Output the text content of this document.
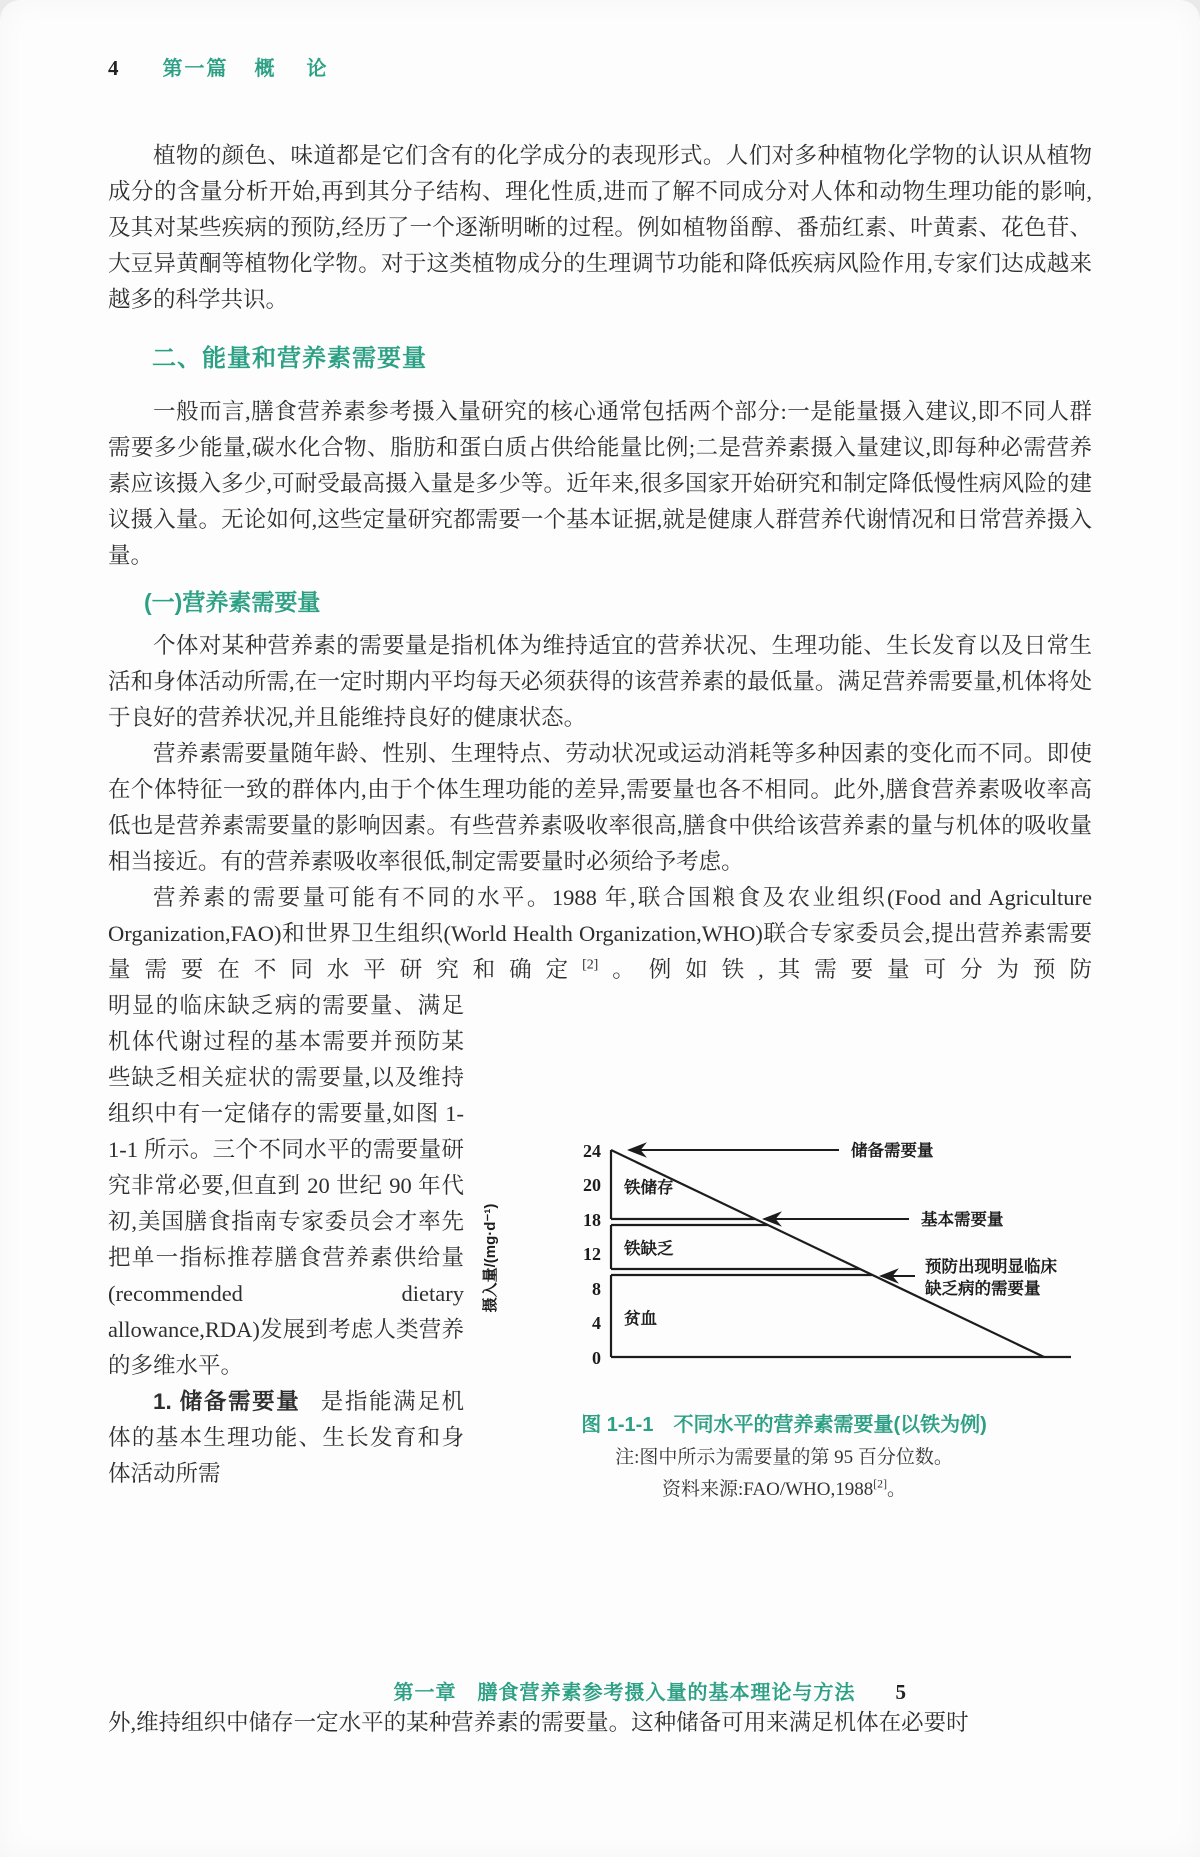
4 第一篇 概　论

植物的颜色、味道都是它们含有的化学成分的表现形式。人们对多种植物化学物的认识从植物成分的含量分析开始,再到其分子结构、理化性质,进而了解不同成分对人体和动物生理功能的影响,及其对某些疾病的预防,经历了一个逐渐明晰的过程。例如植物甾醇、番茄红素、叶黄素、花色苷、大豆异黄酮等植物化学物。对于这类植物成分的生理调节功能和降低疾病风险作用,专家们达成越来越多的科学共识。

二、能量和营养素需要量

一般而言,膳食营养素参考摄入量研究的核心通常包括两个部分:一是能量摄入建议,即不同人群需要多少能量,碳水化合物、脂肪和蛋白质占供给能量比例;二是营养素摄入量建议,即每种必需营养素应该摄入多少,可耐受最高摄入量是多少等。近年来,很多国家开始研究和制定降低慢性病风险的建议摄入量。无论如何,这些定量研究都需要一个基本证据,就是健康人群营养代谢情况和日常营养摄入量。

(一)营养素需要量

个体对某种营养素的需要量是指机体为维持适宜的营养状况、生理功能、生长发育以及日常生活和身体活动所需,在一定时期内平均每天必须获得的该营养素的最低量。满足营养需要量,机体将处于良好的营养状况,并且能维持良好的健康状态。

营养素需要量随年龄、性别、生理特点、劳动状况或运动消耗等多种因素的变化而不同。即使在个体特征一致的群体内,由于个体生理功能的差异,需要量也各不相同。此外,膳食营养素吸收率高低也是营养素需要量的影响因素。有些营养素吸收率很高,膳食中供给该营养素的量与机体的吸收量相当接近。有的营养素吸收率很低,制定需要量时必须给予考虑。

营养素的需要量可能有不同的水平。1988 年,联合国粮食及农业组织(Food and Agriculture Organization,FAO)和世界卫生组织(World Health Organization,WHO)联合专家委员会,提出营养素需要量需要在不同水平研究和确定[2]。例如铁,其需要量可分为预防

明显的临床缺乏病的需要量、满足机体代谢过程的基本需要并预防某些缺乏相关症状的需要量,以及维持组织中有一定储存的需要量,如图 1-1-1 所示。三个不同水平的需要量研究非常必要,但直到 20 世纪 90 年代初,美国膳食指南专家委员会才率先把单一指标推荐膳食营养素供给量(recommended dietary allowance,RDA)发展到考虑人类营养的多维水平。

1. 储备需要量 是指能满足机体的基本生理功能、生长发育和身体活动所需

摄入量/(mg·d⁻¹)
24
20
18
12
8
4
0
铁储存
铁缺乏
贫血
储备需要量
基本需要量
预防出现明显临床
缺乏病的需要量
图 1-1-1　不同水平的营养素需要量(以铁为例)
注:图中所示为需要量的第 95 百分位数。
资料来源:FAO/WHO,1988[2]。
第一章　膳食营养素参考摄入量的基本理论与方法 5

外,维持组织中储存一定水平的某种营养素的需要量。这种储备可用来满足机体在必要时
